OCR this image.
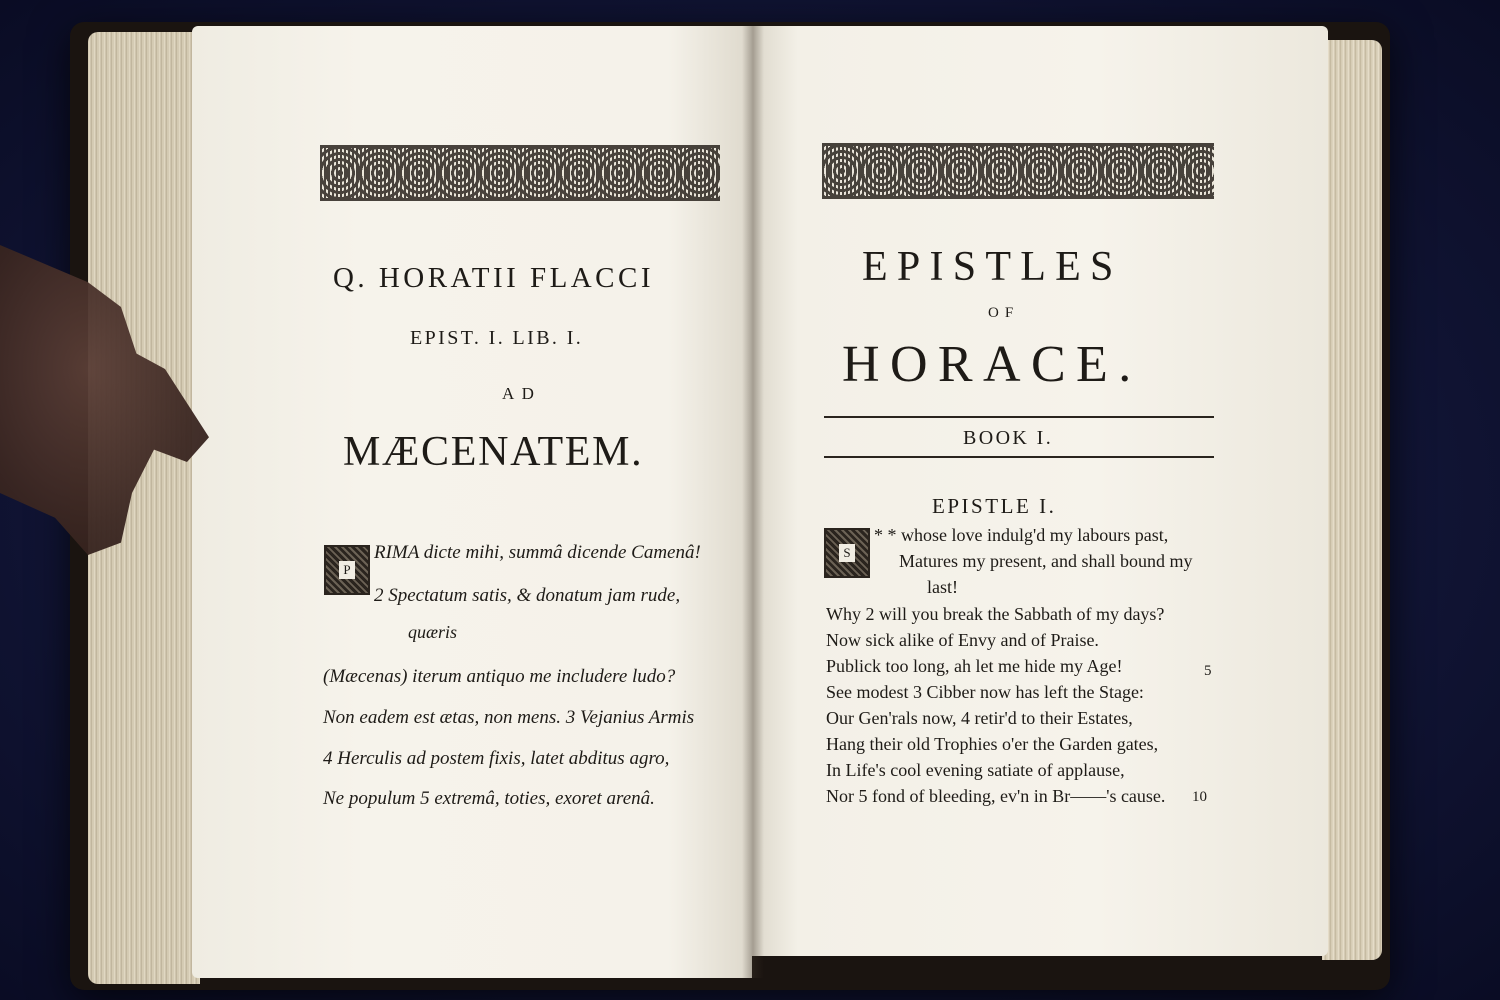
Q. HORATII FLACCI
EPIST. I. LIB. I.
A D
MÆCENATEM.
P
RIMA dicte mihi, summâ dicende Camenâ!
2 Spectatum satis, & donatum jam rude,
quæris
(Mæcenas) iterum antiquo me includere ludo?
Non eadem est ætas, non mens. 3 Vejanius Armis
4 Herculis ad postem fixis, latet abditus agro,
Ne populum 5 extremâ, toties, exoret arenâ.
EPISTLES
OF
HORACE.
BOOK I.
EPISTLE I.
S
* * whose love indulg'd my labours past,
Matures my present, and shall bound my
last!
Why 2 will you break the Sabbath of my days?
Now sick alike of Envy and of Praise.
Publick too long, ah let me hide my Age!	5
See modest 3 Cibber now has left the Stage:
Our Gen'rals now, 4 retir'd to their Estates,
Hang their old Trophies o'er the Garden gates,
In Life's cool evening satiate of applause,
Nor 5 fond of bleeding, ev'n in Br——'s cause. 10
